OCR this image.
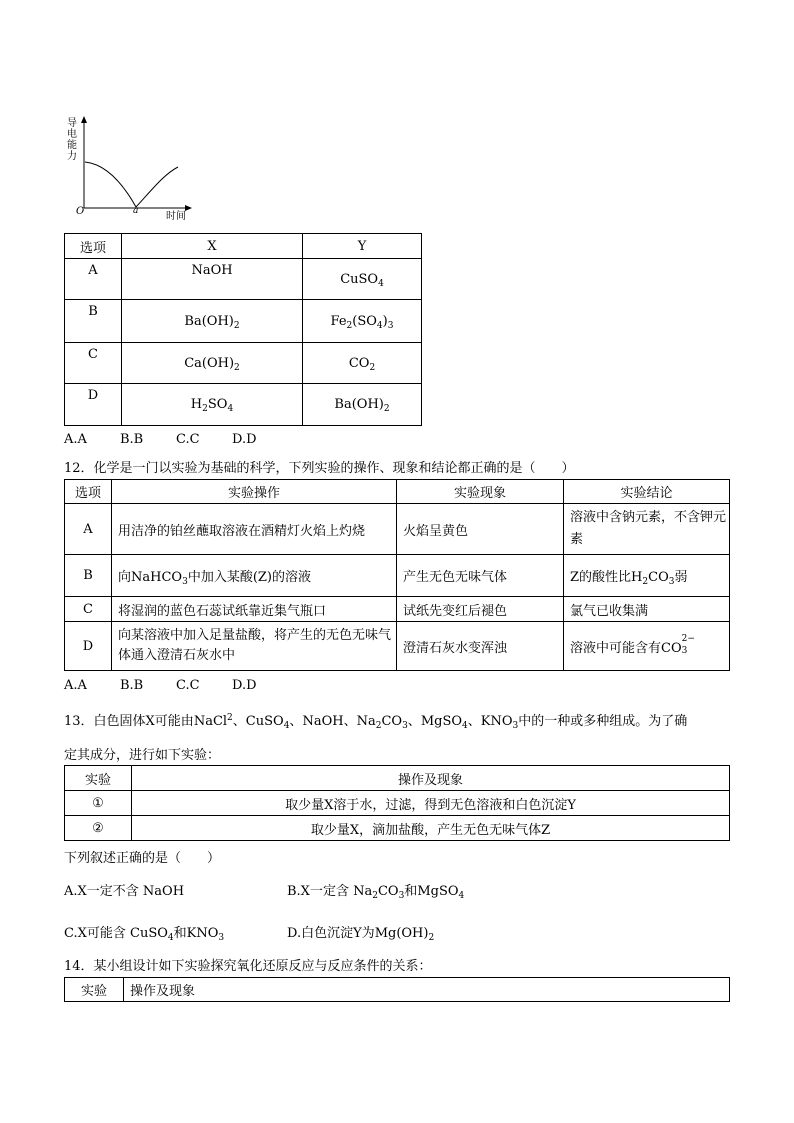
导电能力
O	a	时间
选项	X	Y
A	NaOH	CuSO$_4$
B	$Ba(OH)_2$	$Fe_2(SO_4)_3$
C	$Ca(OH)_2$	$CO_2$
D	$H_2SO_4$	$Ba(OH)_2$
A.A	B.B	C.C D.D
12．化学是一门以实验为基础的科学，下列实验的操作、现象和结论都正确的是（　　）
选项	实验操作	实验现象	实验结论
A	用洁净的铂丝蘸取溶液在酒精灯火焰上灼烧	火焰呈黄色	溶液中含钠元素，不含钾元素
B	向NaHCO$_3$中加入某酸(Z)的溶液	产生无色无味气体	Z的酸性比$H_2CO_3$弱
C	将湿润的蓝色石蕊试纸靠近集气瓶口	试纸先变红后褪色	氯气已收集满
D	向某溶液中加入足量盐酸，将产生的无色无味气体通入澄清石灰水中	澄清石灰水变浑浊	溶液中可能含有CO
2−
3
A.A	B.B	C.C D.D
13．白色固体X可能由NaCl$^2$、CuSO$_4$、NaOH、$Na_2CO_3$、MgSO$_4$、$KNO_3$中的一种或多种组成。为了确
定其成分，进行如下实验：
实验	操作及现象
①	取少量X溶于水，过滤，得到无色溶液和白色沉淀Y
②	取少量X，滴加盐酸，产生无色无味气体Z
下列叙述正确的是（　　）
A.X一定不含 NaOH	B.X一定含 $Na_2CO_3$和MgSO$_4$
C.X可能含 CuSO$_4$和$KNO_3$	D.白色沉淀Y为$Mg(OH)_2$
14．某小组设计如下实验探究氧化还原反应与反应条件的关系：
实验	操作及现象
